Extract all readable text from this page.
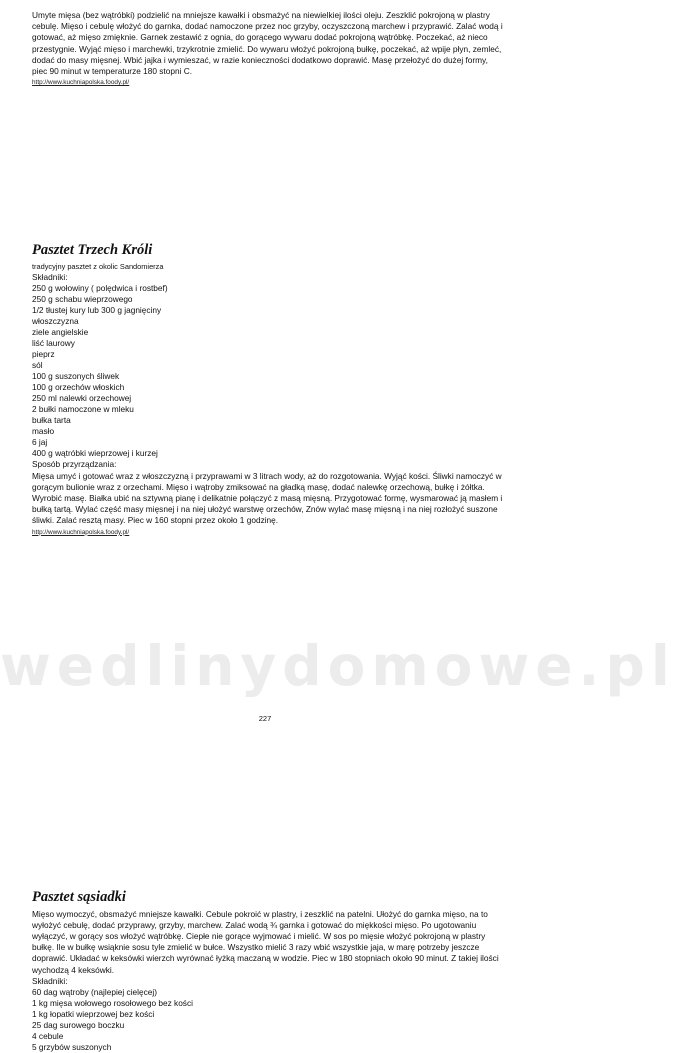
wedlinydomowe.pl

Umyte mięsa (bez wątróbki) podzielić na mniejsze kawałki i obsmażyć na niewielkiej ilości oleju. Zeszklić pokrojoną w plastry cebulę. Mięso i cebulę włożyć do garnka, dodać namoczone przez noc grzyby, oczyszczoną marchew i przyprawić. Zalać wodą i gotować, aż mięso zmięknie. Garnek zestawić z ognia, do gorącego wywaru dodać pokrojoną wątróbkę. Poczekać, aż nieco przestygnie. Wyjąć mięso i marchewki, trzykrotnie zmielić. Do wywaru włożyć pokrojoną bułkę, poczekać, aż wpije płyn, zemleć, dodać do masy mięsnej. Wbić jajka i wymieszać, w razie konieczności dodatkowo doprawić. Masę przełożyć do dużej formy, piec 90 minut w temperaturze 180 stopni C.

http://www.kuchniapolska.foody.pl/

Pasztet Trzech Króli

tradycyjny pasztet z okolic Sandomierza

Składniki:

250 g wołowiny ( polędwica i rostbef)
250 g schabu wieprzowego
1/2 tłustej kury lub 300 g jagnięciny
włoszczyzna
ziele angielskie
liść laurowy
pieprz
sól
100 g suszonych śliwek
100 g orzechów włoskich
250 ml nalewki orzechowej
2 bułki namoczone w mleku
bułka tarta
masło
6 jaj
400 g wątróbki wieprzowej i kurzej

Sposób przyrządzania:

Mięsa umyć i gotować wraz z włoszczyzną i przyprawami w 3 litrach wody, aż do rozgotowania. Wyjąć kości. Śliwki namoczyć w gorącym bulionie wraz z orzechami. Mięso i wątroby zmiksować na gładką masę, dodać nalewkę orzechową, bułkę i żółtka. Wyrobić masę. Białka ubić na sztywną pianę i delikatnie połączyć z masą mięsną. Przygotować formę, wysmarować ją masłem i bułką tartą. Wylać część masy mięsnej i na niej ułożyć warstwę orzechów, Znów wylać masę mięsną i na niej rozłożyć suszone śliwki. Zalać resztą masy. Piec w 160 stopni przez około 1 godzinę.

http://www.kuchniapolska.foody.pl/

Pasztet sąsiadki

Mięso wymoczyć, obsmażyć mniejsze kawałki. Cebule pokroić w plastry, i zeszklić na patelni. Ułożyć do garnka mięso, na to wyłożyć cebulę, dodać przyprawy, grzyby, marchew. Zalać wodą ¾ garnka i gotować do miękkości mięso. Po ugotowaniu wyłączyć, w gorący sos włożyć wątróbkę. Ciepłe nie gorące wyjmować i mielić. W sos po mięsie włożyć pokrojoną w plastry bułkę. Ile w bułkę wsiąknie sosu tyle zmielić w bułce. Wszystko mielić 3 razy wbić wszystkie jaja, w marę potrzeby jeszcze doprawić. Układać w keksówki wierzch wyrównać łyżką maczaną w wodzie. Piec w 180 stopniach około 90 minut. Z takiej ilości wychodzą 4 keksówki.

Składniki:

60 dag wątroby (najlepiej cielęcej)
1 kg mięsa wołowego rosołowego bez kości
1 kg łopatki wieprzowej bez kości
25 dag surowego boczku
4 cebule
5 grzybów suszonych
227
